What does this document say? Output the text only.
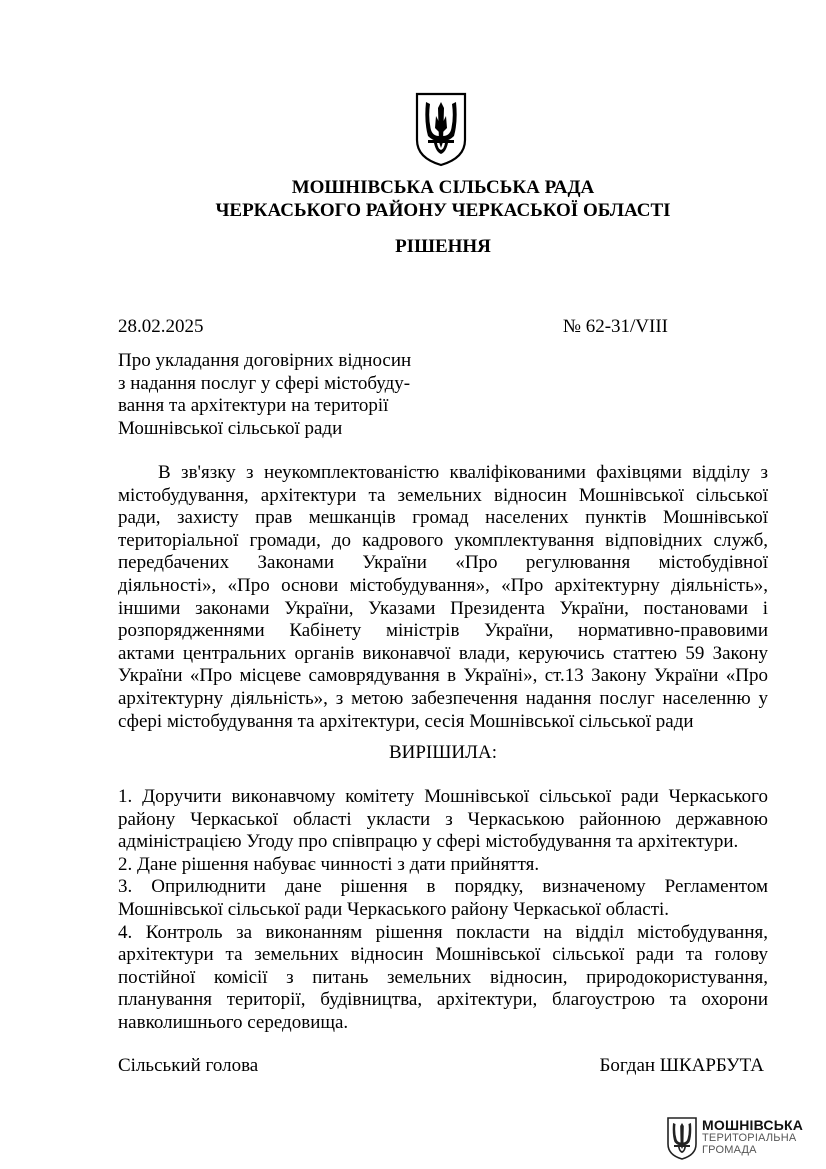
МОШНІВСЬКА СІЛЬСЬКА РАДА
ЧЕРКАСЬКОГО РАЙОНУ ЧЕРКАСЬКОЇ ОБЛАСТІ
РІШЕННЯ
28.02.2025	№ 62-31/VIII
Про укладання договірних відносин
з надання послуг у сфері містобуду-
вання та архітектури на території
Мошнівської сільської ради
В зв'язку з неукомплектованістю кваліфікованими фахівцями відділу з
містобудування, архітектури та земельних відносин Мошнівської сільської
ради, захисту прав мешканців громад населених пунктів Мошнівської
територіальної громади, до кадрового укомплектування відповідних служб,
передбачених Законами України «Про регулювання містобудівної
діяльності», «Про основи містобудування», «Про архітектурну діяльність»,
іншими законами України, Указами Президента України, постановами і
розпорядженнями Кабінету міністрів України, нормативно-правовими
актами центральних органів виконавчої влади, керуючись статтею 59 Закону
України «Про місцеве самоврядування в Україні», ст.13 Закону України «Про
архітектурну діяльність», з метою забезпечення надання послуг населенню у
сфері містобудування та архітектури, сесія Мошнівської сільської ради
ВИРІШИЛА:
1. Доручити виконавчому комітету Мошнівської сільської ради Черкаського
району Черкаської області укласти з Черкаською районною державною
адміністрацією Угоду про співпрацю у сфері містобудування та архітектури.
2. Дане рішення набуває чинності з дати прийняття.
3. Оприлюднити дане рішення в порядку, визначеному Регламентом
Мошнівської сільської ради Черкаського району Черкаської області.
4. Контроль за виконанням рішення покласти на відділ містобудування,
архітектури та земельних відносин Мошнівської сільської ради та голову
постійної комісії з питань земельних відносин, природокористування,
планування території, будівництва, архітектури, благоустрою та охорони
навколишнього середовища.
Сільський голова	Богдан ШКАРБУТА
МОШНІВСЬКА
ТЕРИТОРІАЛЬНА
ГРОМАДА
